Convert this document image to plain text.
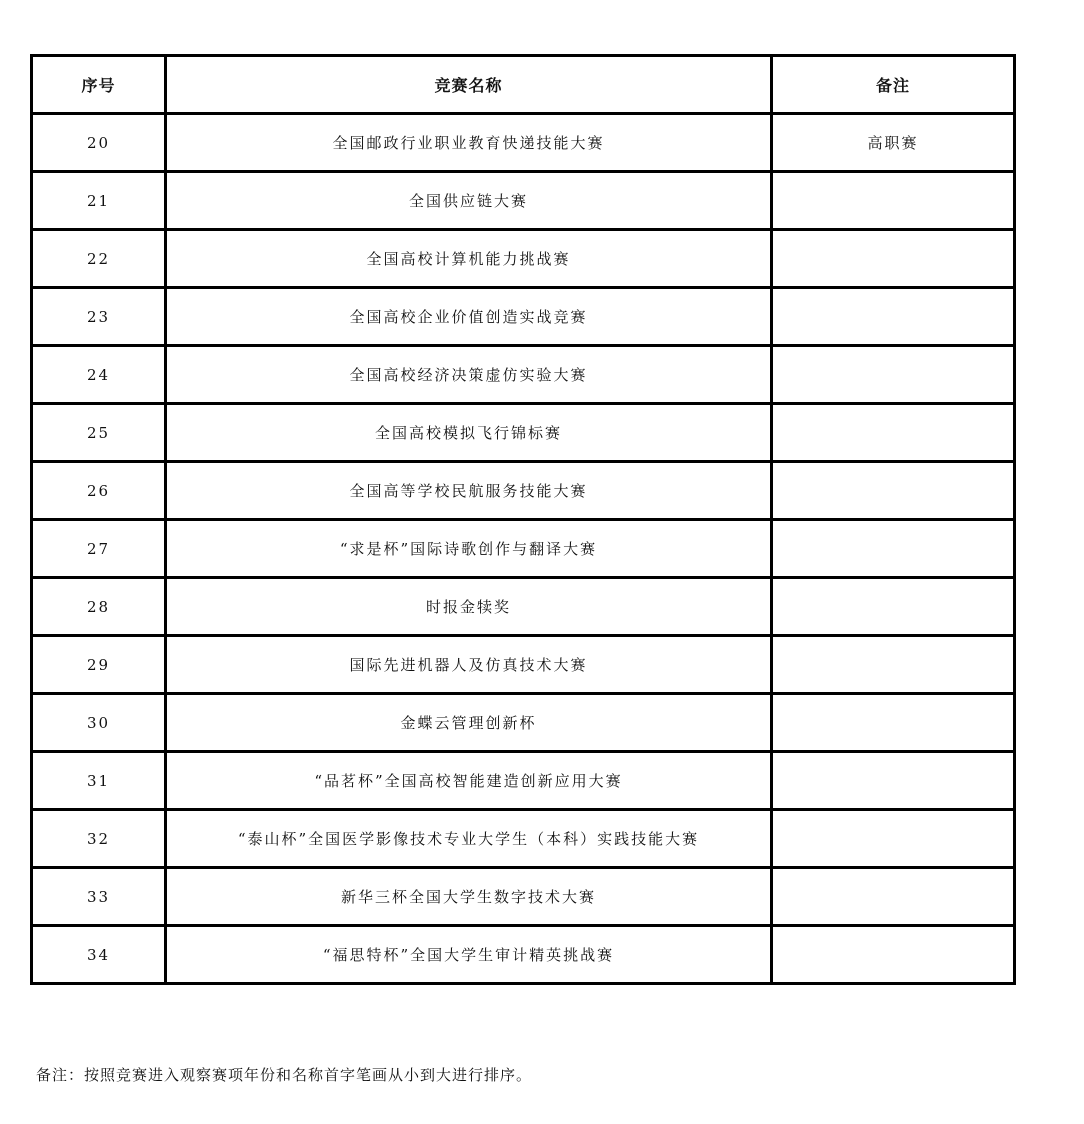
序号	竞赛名称	备注
20	全国邮政行业职业教育快递技能大赛	高职赛
21	全国供应链大赛	
22	全国高校计算机能力挑战赛	
23	全国高校企业价值创造实战竞赛	
24	全国高校经济决策虚仿实验大赛	
25	全国高校模拟飞行锦标赛	
26	全国高等学校民航服务技能大赛	
27	“求是杯”国际诗歌创作与翻译大赛	
28	时报金犊奖	
29	国际先进机器人及仿真技术大赛	
30	金蝶云管理创新杯	
31	“品茗杯”全国高校智能建造创新应用大赛	
32	“泰山杯”全国医学影像技术专业大学生（本科）实践技能大赛	
33	新华三杯全国大学生数字技术大赛	
34	“福思特杯”全国大学生审计精英挑战赛	
备注：按照竞赛进入观察赛项年份和名称首字笔画从小到大进行排序。
